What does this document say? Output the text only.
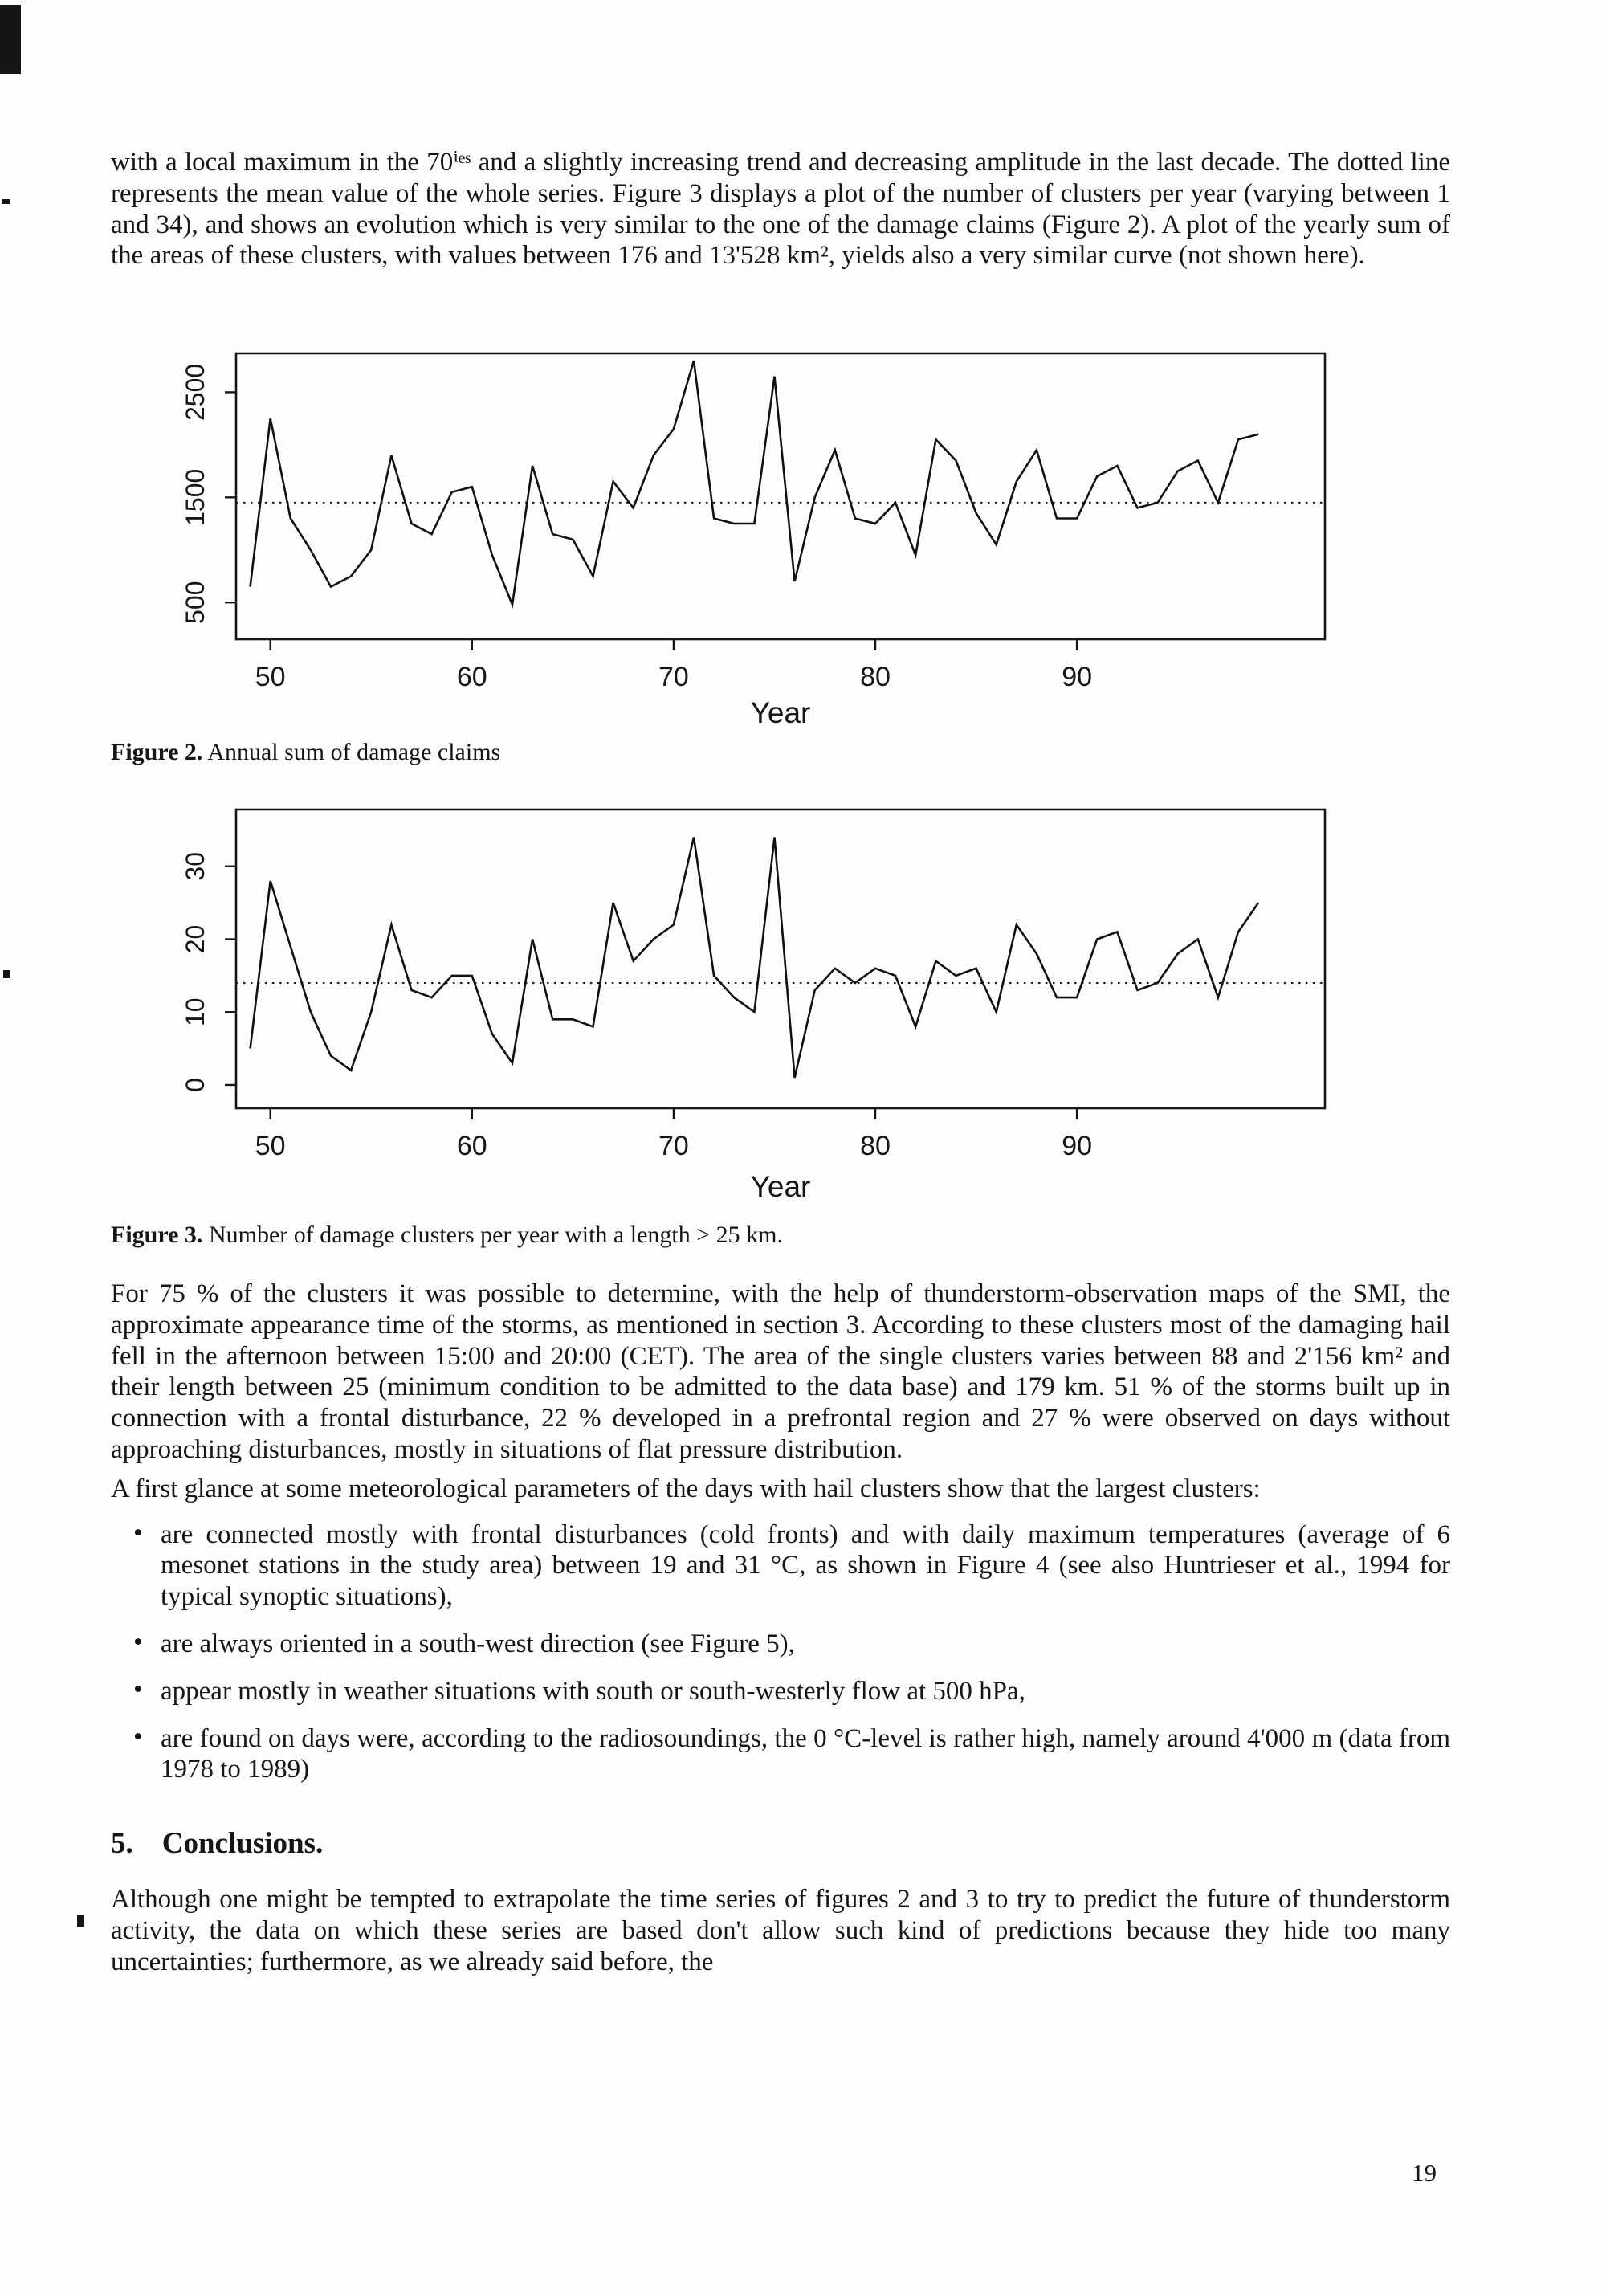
with a local maximum in the 70ⁱᵉˢ and a slightly increasing trend and decreasing amplitude in the last decade. The dotted line represents the mean value of the whole series. Figure 3 displays a plot of the number of clusters per year (varying between 1 and 34), and shows an evolution which is very similar to the one of the damage claims (Figure 2). A plot of the yearly sum of the areas of these clusters, with values between 176 and 13'528 km², yields also a very similar curve (not shown here).

50	60	70	80	90
500
1500
2500
Year
Figure 2. Annual sum of damage claims
50	60	70	80	90
0
10
20
30
Year
Figure 3. Number of damage clusters per year with a length > 25 km.

For 75 % of the clusters it was possible to determine, with the help of thunderstorm-observation maps of the SMI, the approximate appearance time of the storms, as mentioned in section 3. According to these clusters most of the damaging hail fell in the afternoon between 15:00 and 20:00 (CET). The area of the single clusters varies between 88 and 2'156 km² and their length between 25 (minimum condition to be admitted to the data base) and 179 km. 51 % of the storms built up in connection with a frontal disturbance, 22 % developed in a prefrontal region and 27 % were observed on days without approaching disturbances, mostly in situations of flat pressure distribution.

A first glance at some meteorological parameters of the days with hail clusters show that the largest clusters:

• are connected mostly with frontal disturbances (cold fronts) and with daily maximum temperatures (average of 6 mesonet stations in the study area) between 19 and 31 °C, as shown in Figure 4 (see also Huntrieser et al., 1994 for typical synoptic situations),
• are always oriented in a south-west direction (see Figure 5),
• appear mostly in weather situations with south or south-westerly flow at 500 hPa,
• are found on days were, according to the radiosoundings, the 0 °C-level is rather high, namely around 4'000 m (data from 1978 to 1989)
5. Conclusions.

Although one might be tempted to extrapolate the time series of figures 2 and 3 to try to predict the future of thunderstorm activity, the data on which these series are based don't allow such kind of predictions because they hide too many uncertainties; furthermore, as we already said before, the

19
